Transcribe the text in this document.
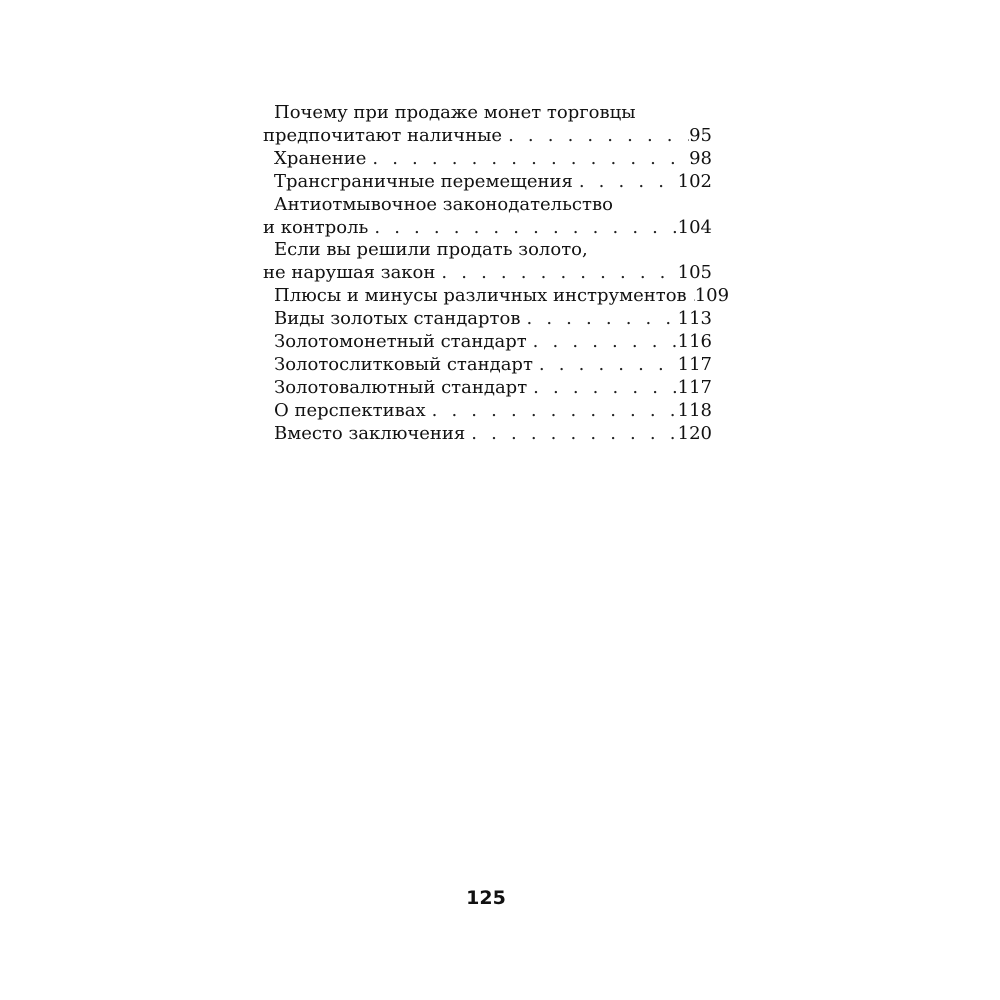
Почему при продаже монет торговцы
предпочитают наличные . . .	95
Хранение . . .	98
Трансграничные перемещения . . .	102
Антиотмывочное законодательство
и контроль . . .	104
Если вы решили продать золото,
не нарушая закон . . .	105
Плюсы и минусы различных инструментов . . . 109
Виды золотых стандартов . . .	113
Золотомонетный стандарт . . .	116
Золотослитковый стандарт . . .	117
Золотовалютный стандарт . . .	117
О перспективах . . .	118
Вместо заключения . . .	120
125
